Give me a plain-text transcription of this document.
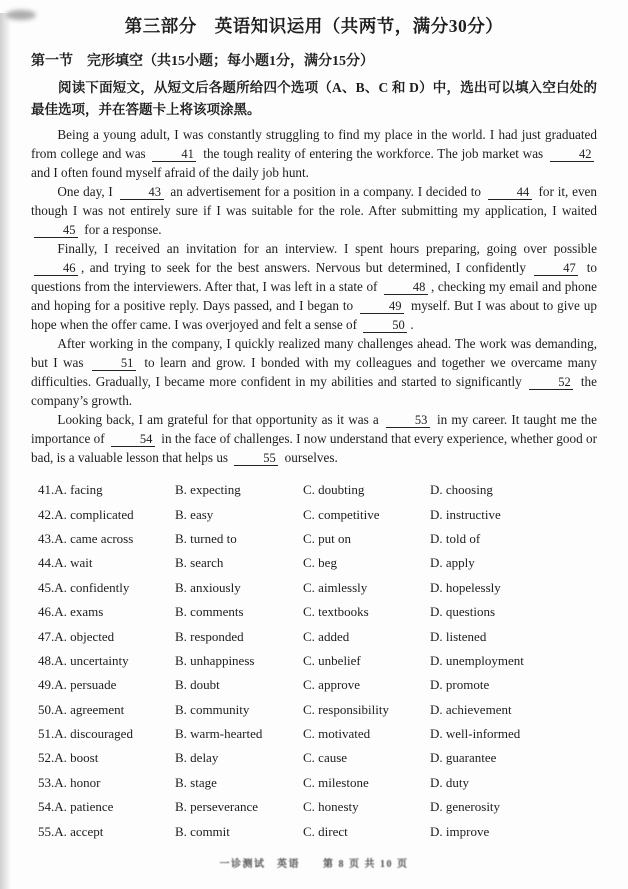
第三部分　英语知识运用（共两节，满分30分）
第一节　完形填空（共15小题；每小题1分，满分15分）

阅读下面短文，从短文后各题所给四个选项（A、B、C 和 D）中，选出可以填入空白处的最佳选项，并在答题卡上将该项涂黑。

Being a young adult, I was constantly struggling to find my place in the world. I had just graduated from college and was	41 the tough reality of entering the workforce. The job market was	42 and I often found myself afraid of the daily job hunt.

One day, I	43 an advertisement for a position in a company. I decided to	44 for it, even though I was not entirely sure if I was suitable for the role. After submitting my application, I waited 45 for a response.

Finally, I received an invitation for an interview. I spent hours preparing, going over possible 46 , and trying to seek for the best answers. Nervous but determined, I confidently	47 to questions from the interviewers. After that, I was left in a state of	48 , checking my email and phone and hoping for a positive reply. Days passed, and I began to	49 myself. But I was about to give up hope when the offer came. I was overjoyed and felt a sense of	50 .

After working in the company, I quickly realized many challenges ahead. The work was demanding, but I was	51 to learn and grow. I bonded with my colleagues and together we overcame many difficulties. Gradually, I became more confident in my abilities and started to significantly	52 the company’s growth.

Looking back, I am grateful for that opportunity as it was a	53 in my career. It taught me the importance of	54 in the face of challenges. I now understand that every experience, whether good or bad, is a valuable lesson that helps us	55 ourselves.

41.A. facing	B. expecting	C. doubting	D. choosing
42.A. complicated	B. easy	C. competitive	D. instructive
43.A. came across	B. turned to	C. put on	D. told of
44.A. wait	B. search	C. beg	D. apply
45.A. confidently	B. anxiously	C. aimlessly	D. hopelessly
46.A. exams	B. comments	C. textbooks	D. questions
47.A. objected	B. responded	C. added	D. listened
48.A. uncertainty	B. unhappiness	C. unbelief	D. unemployment
49.A. persuade	B. doubt	C. approve	D. promote
50.A. agreement	B. community	C. responsibility	D. achievement
51.A. discouraged	B. warm-hearted	C. motivated	D. well-informed
52.A. boost	B. delay	C. cause	D. guarantee
53.A. honor	B. stage	C. milestone	D. duty
54.A. patience	B. perseverance	C. honesty	D. generosity
55.A. accept	B. commit	C. direct	D. improve
一诊测试　英语　　第 8 页 共 10 页
